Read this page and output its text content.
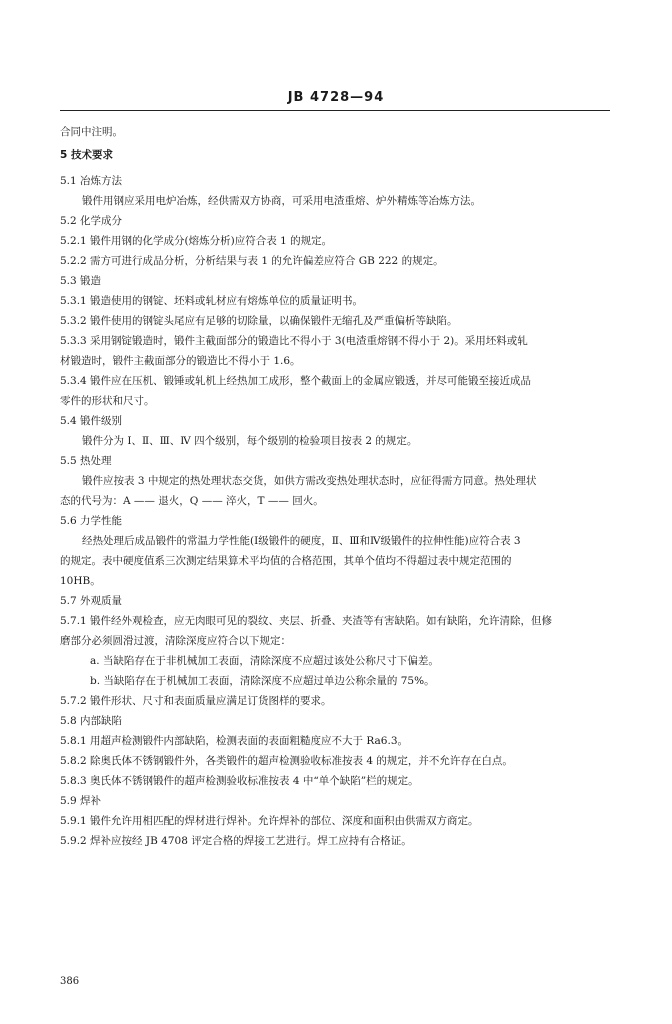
JB 4728—94
合同中注明。
5 技术要求
5.1 冶炼方法
锻件用钢应采用电炉冶炼，经供需双方协商，可采用电渣重熔、炉外精炼等冶炼方法。
5.2 化学成分
5.2.1 锻件用钢的化学成分(熔炼分析)应符合表 1 的规定。
5.2.2 需方可进行成品分析，分析结果与表 1 的允许偏差应符合 GB 222 的规定。
5.3 锻造
5.3.1 锻造使用的钢锭、坯料或轧材应有熔炼单位的质量证明书。
5.3.2 锻件使用的钢锭头尾应有足够的切除量，以确保锻件无缩孔及严重偏析等缺陷。
5.3.3 采用钢锭锻造时，锻件主截面部分的锻造比不得小于 3(电渣重熔钢不得小于 2)。采用坯料或轧
材锻造时，锻件主截面部分的锻造比不得小于 1.6。
5.3.4 锻件应在压机、锻锤或轧机上经热加工成形，整个截面上的金属应锻透，并尽可能锻至接近成品
零件的形状和尺寸。
5.4 锻件级别
锻件分为 Ⅰ、Ⅱ、Ⅲ、Ⅳ 四个级别，每个级别的检验项目按表 2 的规定。
5.5 热处理
锻件应按表 3 中规定的热处理状态交货，如供方需改变热处理状态时，应征得需方同意。热处理状
态的代号为：A —— 退火，Q —— 淬火，T —— 回火。
5.6 力学性能
经热处理后成品锻件的常温力学性能(Ⅰ级锻件的硬度，Ⅱ、Ⅲ和Ⅳ级锻件的拉伸性能)应符合表 3
的规定。表中硬度值系三次测定结果算术平均值的合格范围，其单个值均不得超过表中规定范围的
10HB。
5.7 外观质量
5.7.1 锻件经外观检查，应无肉眼可见的裂纹、夹层、折叠、夹渣等有害缺陷。如有缺陷，允许清除，但修
磨部分必须圆滑过渡，清除深度应符合以下规定：
a. 当缺陷存在于非机械加工表面，清除深度不应超过该处公称尺寸下偏差。
b. 当缺陷存在于机械加工表面，清除深度不应超过单边公称余量的 75%。
5.7.2 锻件形状、尺寸和表面质量应满足订货图样的要求。
5.8 内部缺陷
5.8.1 用超声检测锻件内部缺陷，检测表面的表面粗糙度应不大于 Ra6.3。
5.8.2 除奥氏体不锈钢锻件外，各类锻件的超声检测验收标准按表 4 的规定，并不允许存在白点。
5.8.3 奥氏体不锈钢锻件的超声检测验收标准按表 4 中“单个缺陷”栏的规定。
5.9 焊补
5.9.1 锻件允许用相匹配的焊材进行焊补。允许焊补的部位、深度和面积由供需双方商定。
5.9.2 焊补应按经 JB 4708 评定合格的焊接工艺进行。焊工应持有合格证。
386
